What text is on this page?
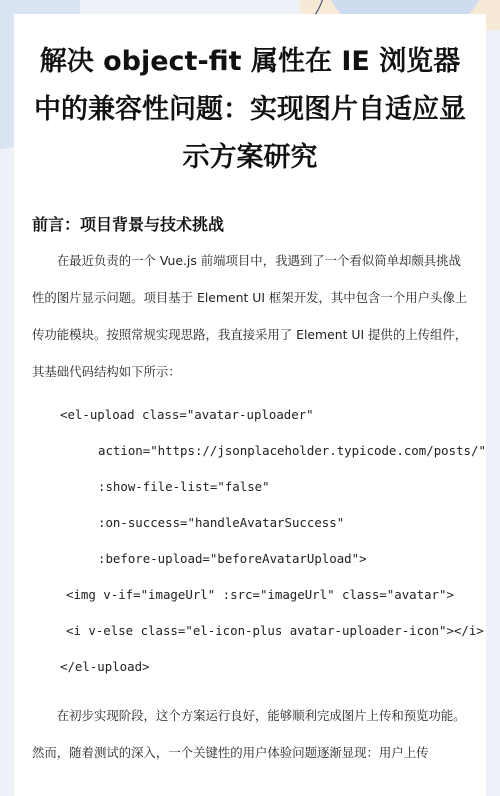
解决 object-fit 属性在 IE 浏览器中的兼容性问题：实现图片自适应显示方案研究
前言：项目背景与技术挑战

在最近负责的一个 Vue.js 前端项目中，我遇到了一个看似简单却颇具挑战性的图片显示问题。项目基于 Element UI 框架开发，其中包含一个用户头像上传功能模块。按照常规实现思路，我直接采用了 Element UI 提供的上传组件，其基础代码结构如下所示：

<el-upload class="avatar-uploader"
action="https://jsonplaceholder.typicode.com/posts/"
:show-file-list="false"
:on-success="handleAvatarSuccess"
:before-upload="beforeAvatarUpload">
<img v-if="imageUrl" :src="imageUrl" class="avatar">
<i v-else class="el-icon-plus avatar-uploader-icon"></i>
</el-upload>

在初步实现阶段，这个方案运行良好，能够顺利完成图片上传和预览功能。然而，随着测试的深入，一个关键性的用户体验问题逐渐显现：用户上传
